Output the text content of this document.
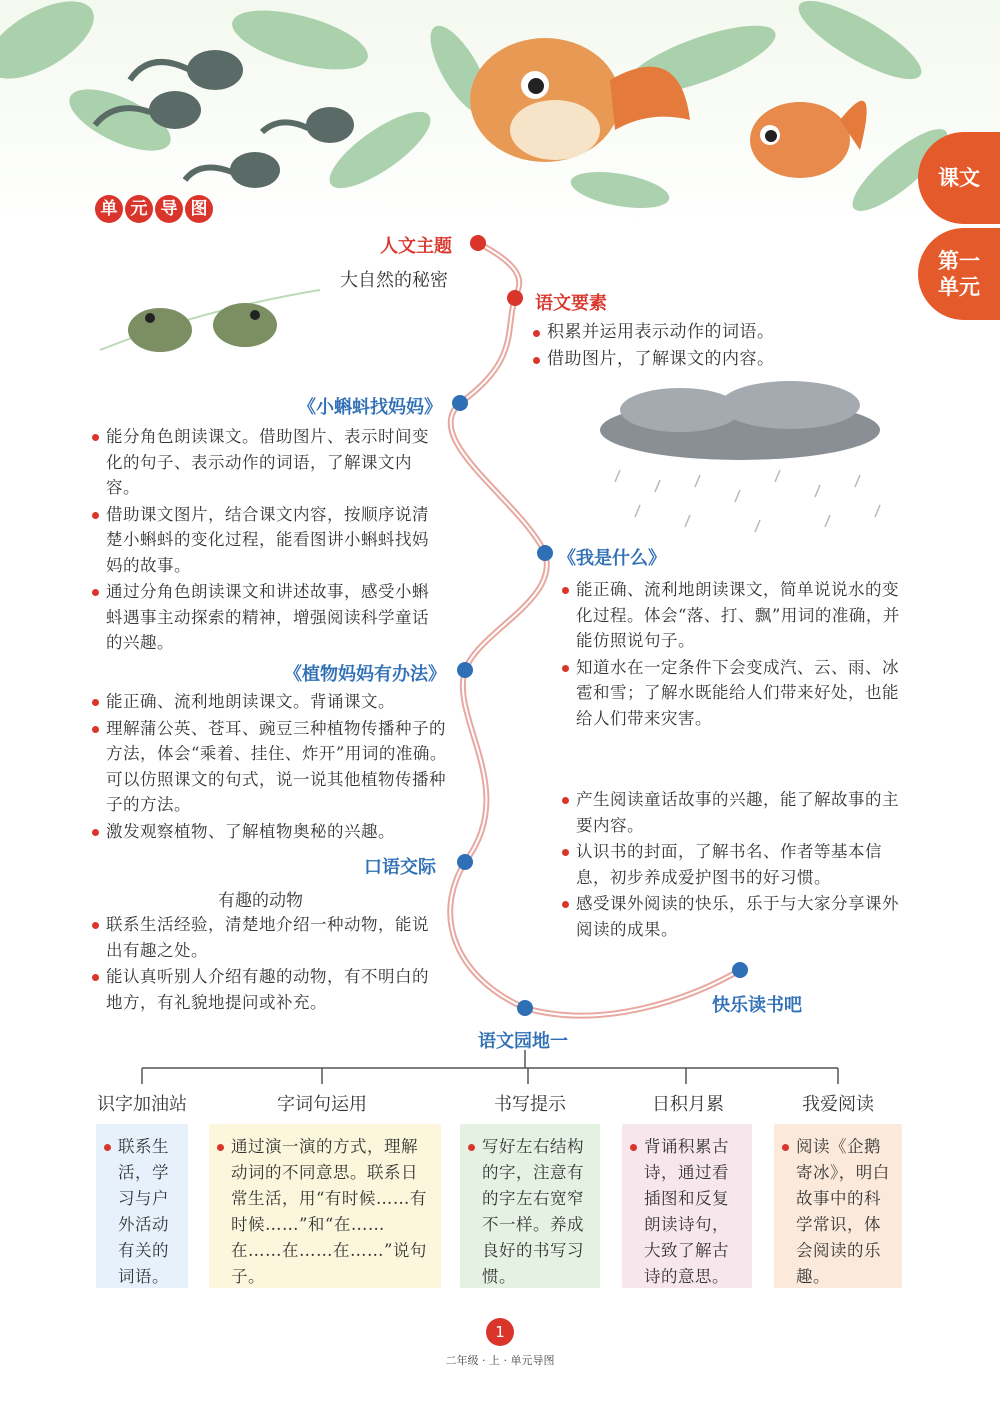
单 元 导 图
课文
第一
单元
人文主题
大自然的秘密
语文要素
积累并运用表示动作的词语。
借助图片，了解课文的内容。
《小蝌蚪找妈妈》
能分角色朗读课文。借助图片、表示时间变化的句子、表示动作的词语，了解课文内容。
借助课文图片，结合课文内容，按顺序说清楚小蝌蚪的变化过程，能看图讲小蝌蚪找妈妈的故事。
通过分角色朗读课文和讲述故事，感受小蝌蚪遇事主动探索的精神，增强阅读科学童话的兴趣。
《我是什么》
能正确、流利地朗读课文，简单说说水的变化过程。体会“落、打、飘”用词的准确，并能仿照说句子。
知道水在一定条件下会变成汽、云、雨、冰雹和雪；了解水既能给人们带来好处，也能给人们带来灾害。
《植物妈妈有办法》
能正确、流利地朗读课文。背诵课文。
理解蒲公英、苍耳、豌豆三种植物传播种子的方法，体会“乘着、挂住、炸开”用词的准确。可以仿照课文的句式，说一说其他植物传播种子的方法。
激发观察植物、了解植物奥秘的兴趣。
口语交际
有趣的动物
联系生活经验，清楚地介绍一种动物，能说出有趣之处。
能认真听别人介绍有趣的动物，有不明白的地方，有礼貌地提问或补充。
产生阅读童话故事的兴趣，能了解故事的主要内容。
认识书的封面，了解书名、作者等基本信息，初步养成爱护图书的好习惯。
感受课外阅读的快乐，乐于与大家分享课外阅读的成果。
快乐读书吧
语文园地一
识字加油站	字词句运用	书写提示	日积月累	我爱阅读
联系生活，学习与户外活动有关的词语。
通过演一演的方式，理解动词的不同意思。联系日常生活，用“有时候……有时候……”和“在……在……在……在……”说句子。
写好左右结构的字，注意有的字左右宽窄不一样。养成良好的书写习惯。
背诵积累古诗，通过看插图和反复朗读诗句，大致了解古诗的意思。
阅读《企鹅寄冰》，明白故事中的科学常识，体会阅读的乐趣。
1
二年级 · 上 · 单元导图
